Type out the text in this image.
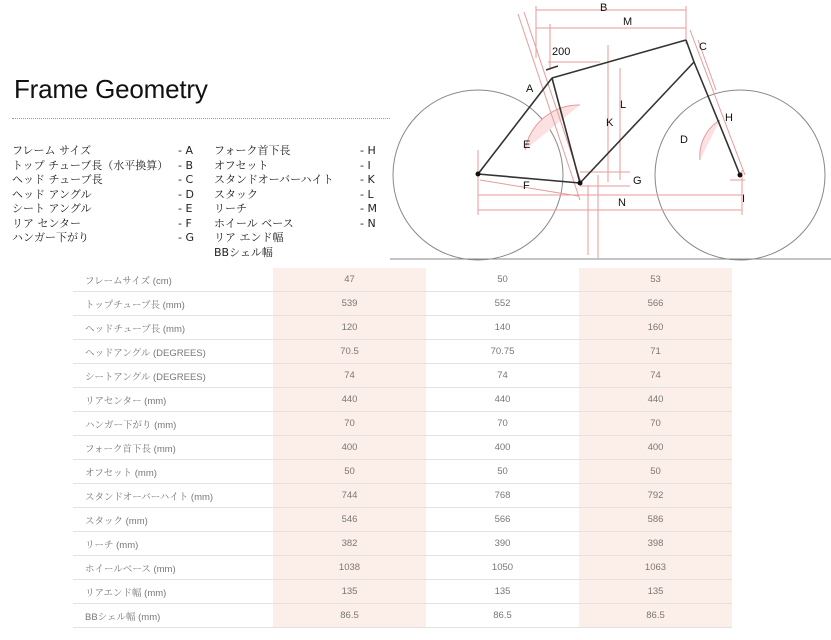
Frame Geometry
フレーム サイズ	- A
トップ チューブ長（水平換算） - B
ヘッド チューブ長	- C
ヘッド アングル	- D
シート アングル	- E
リア センター	- F
ハンガー下がり	- G
フォーク首下長	- H
オフセット	- I
スタンドオーバーハイト - K
スタック	- L
リーチ	- M
ホイール ベース	- N
リア エンド幅
BBシェル幅
B
M
200	C
A
L
K
E	D
H
F	G
N	I
フレームサイズ (cm)	47	50	53
トップチューブ長 (mm)	539	552	566
ヘッドチューブ長 (mm)	120	140	160
ヘッドアングル (DEGREES)	70.5	70.75	71
シートアングル (DEGREES)	74	74	74
リアセンター (mm)	440	440	440
ハンガー下がり (mm)	70	70	70
フォーク首下長 (mm)	400	400	400
オフセット (mm)	50	50	50
スタンドオーバーハイト (mm)	744	768	792
スタック (mm)	546	566	586
リーチ (mm)	382	390	398
ホイールベース (mm)	1038	1050	1063
リアエンド幅 (mm)	135	135	135
BBシェル幅 (mm)	86.5	86.5	86.5
